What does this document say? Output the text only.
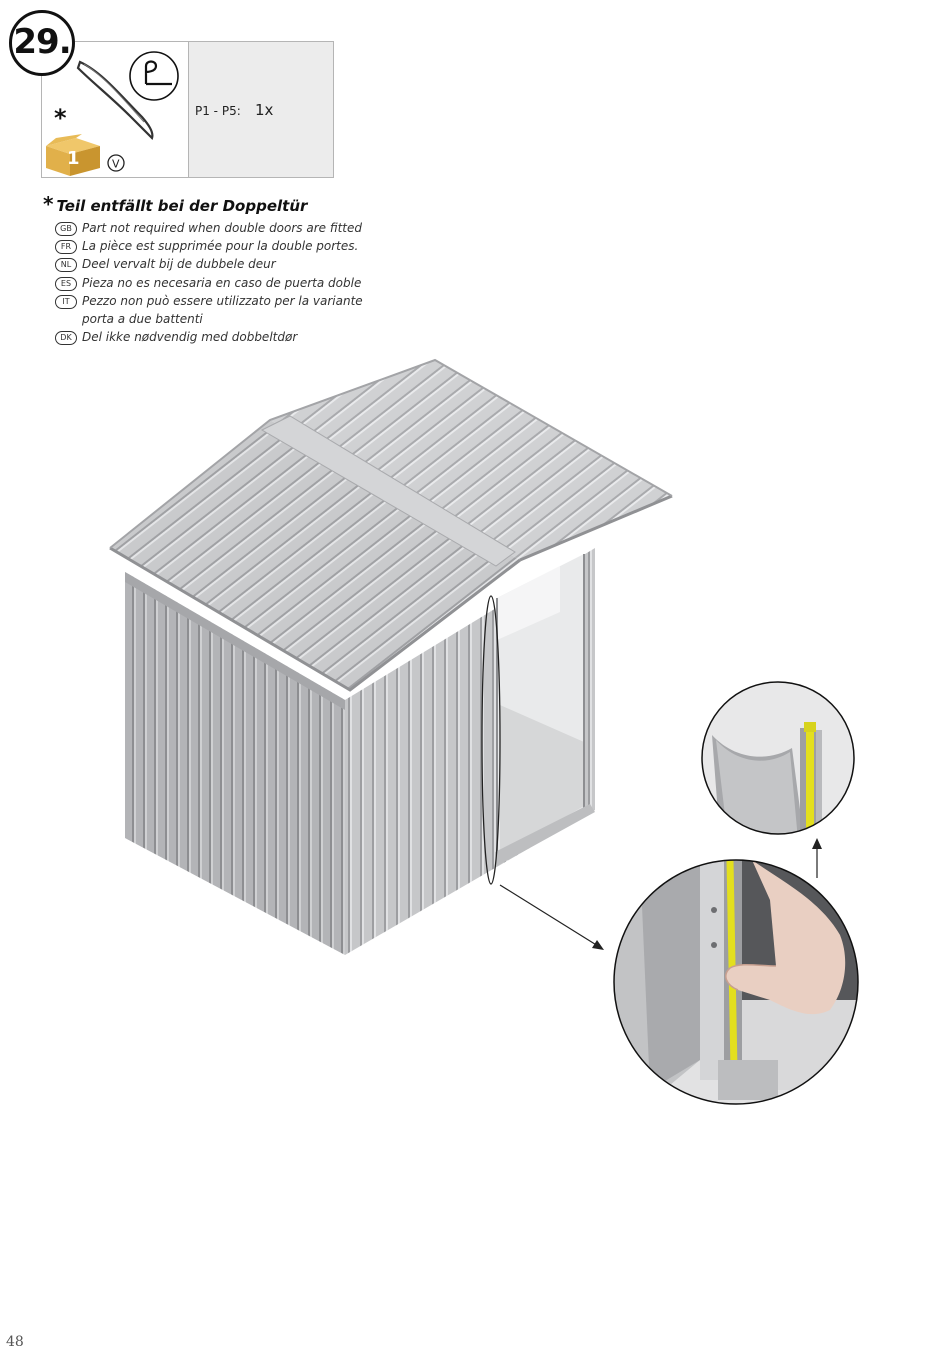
29.
*
1	V
P1 - P5: 1x
* Teil entfällt bei der Doppeltür
GB Part not required when double doors are fitted
FR La pièce est supprimée pour la double portes.
NL Deel vervalt bij de dubbele deur
ES Pieza no es necesaria en caso de puerta doble
IT	Pezzo non può essere utilizzato per la variante porta a due battenti
DK Del ikke nødvendig med dobbeltdør
48
